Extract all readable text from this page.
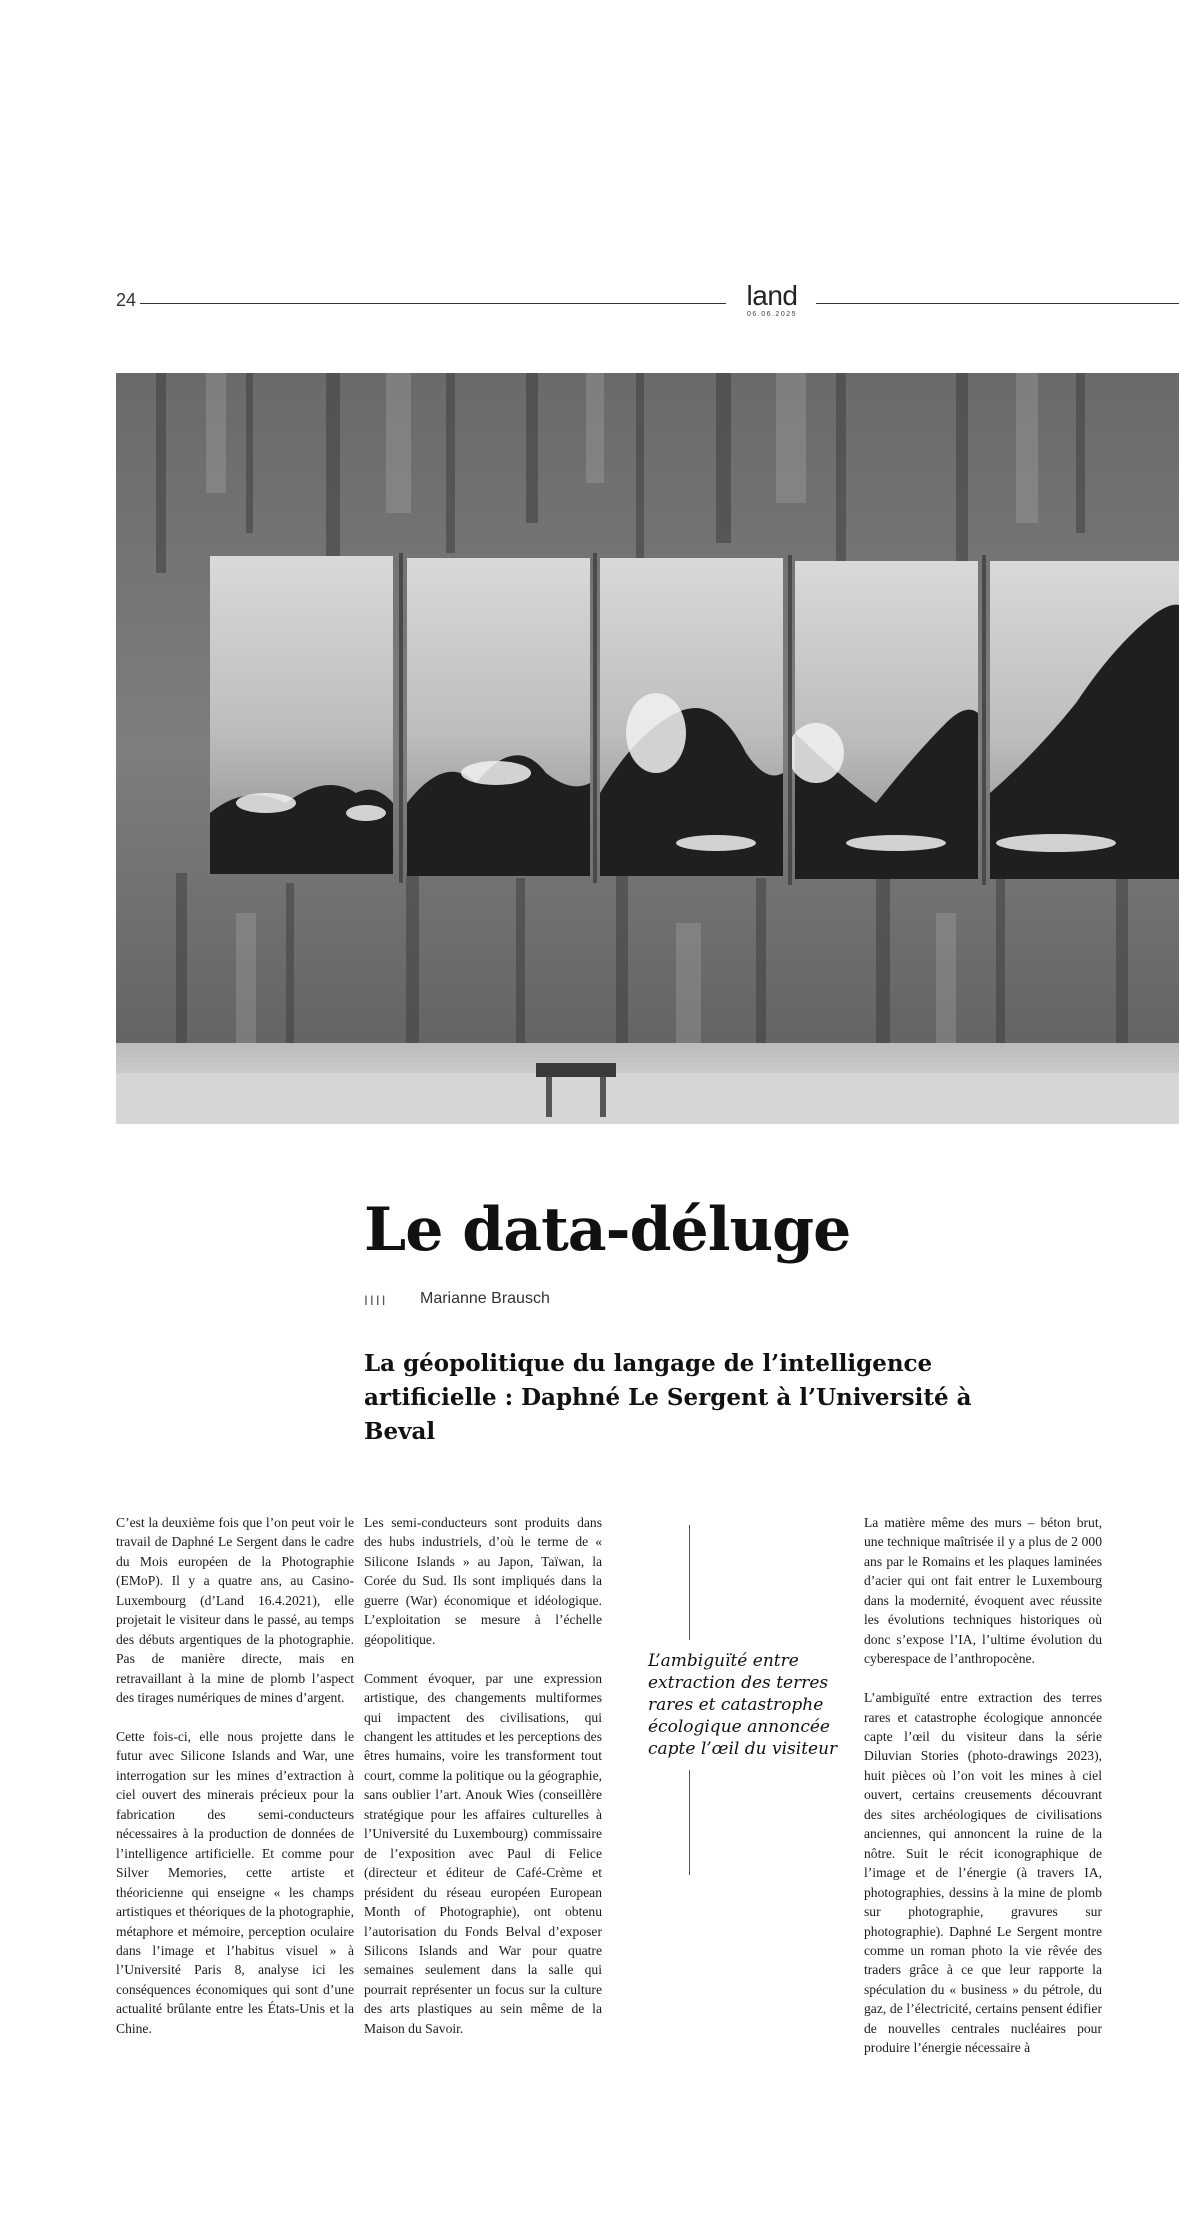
24	land
06.06.2025
Le data-déluge
IIII Marianne Brausch
La géopolitique du langage de l’intelligence artificielle : Daphné Le Sergent à l’Université à Beval

C’est la deuxième fois que l’on peut voir le travail de Daphné Le Sergent dans le cadre du Mois européen de la Photographie (EMoP). Il y a quatre ans, au Casino-Luxembourg (d’Land 16.4.2021), elle projetait le visiteur dans le passé, au temps des débuts argentiques de la photographie. Pas de manière directe, mais en retravaillant à la mine de plomb l’aspect des tirages numériques de mines d’argent.

Cette fois-ci, elle nous projette dans le futur avec Silicone Islands and War, une interrogation sur les mines d’extraction à ciel ouvert des minerais précieux pour la fabrication des semi-conducteurs nécessaires à la production de données de l’intelligence artificielle. Et comme pour Silver Memories, cette artiste et théoricienne qui enseigne « les champs artistiques et théoriques de la photographie, métaphore et mémoire, perception oculaire dans l’image et l’habitus visuel » à l’Université Paris 8, analyse ici les conséquences économiques qui sont d’une actualité brûlante entre les États-Unis et la Chine.

Les semi-conducteurs sont produits dans des hubs industriels, d’où le terme de « Silicone Islands » au Japon, Taïwan, la Corée du Sud. Ils sont impliqués dans la guerre (War) économique et idéologique. L’exploitation se mesure à l’échelle géopolitique.

Comment évoquer, par une expression artistique, des changements multiformes qui impactent des civilisations, qui changent les attitudes et les perceptions des êtres humains, voire les transforment tout court, comme la politique ou la géographie, sans oublier l’art. Anouk Wies (conseillère stratégique pour les affaires culturelles à l’Université du Luxembourg) commissaire de l’exposition avec Paul di Felice (directeur et éditeur de Café-Crème et président du réseau européen European Month of Photographie), ont obtenu l’autorisation du Fonds Belval d’exposer Silicons Islands and War pour quatre semaines seulement dans la salle qui pourrait représenter un focus sur la culture des arts plastiques au sein même de la Maison du Savoir.

L’ambiguïté entre extraction des terres rares et catastrophe écologique annoncée capte l’œil du visiteur

La matière même des murs – béton brut, une technique maîtrisée il y a plus de 2 000 ans par le Romains et les plaques laminées d’acier qui ont fait entrer le Luxembourg dans la modernité, évoquent avec réussite les évolutions techniques historiques où donc s’expose l’IA, l’ultime évolution du cyberespace de l’anthropocène.

L’ambiguïté entre extraction des terres rares et catastrophe écologique annoncée capte l’œil du visiteur dans la série Diluvian Stories (photo-drawings 2023), huit pièces où l’on voit les mines à ciel ouvert, certains creusements découvrant des sites archéologiques de civilisations anciennes, qui annoncent la ruine de la nôtre. Suit le récit iconographique de l’image et de l’énergie (à travers IA, photographies, dessins à la mine de plomb sur photographie, gravures sur photographie). Daphné Le Sergent montre comme un roman photo la vie rêvée des traders grâce à ce que leur rapporte la spéculation du « business » du pétrole, du gaz, de l’électricité, certains pensent édifier de nouvelles centrales nucléaires pour produire l’énergie nécessaire à
